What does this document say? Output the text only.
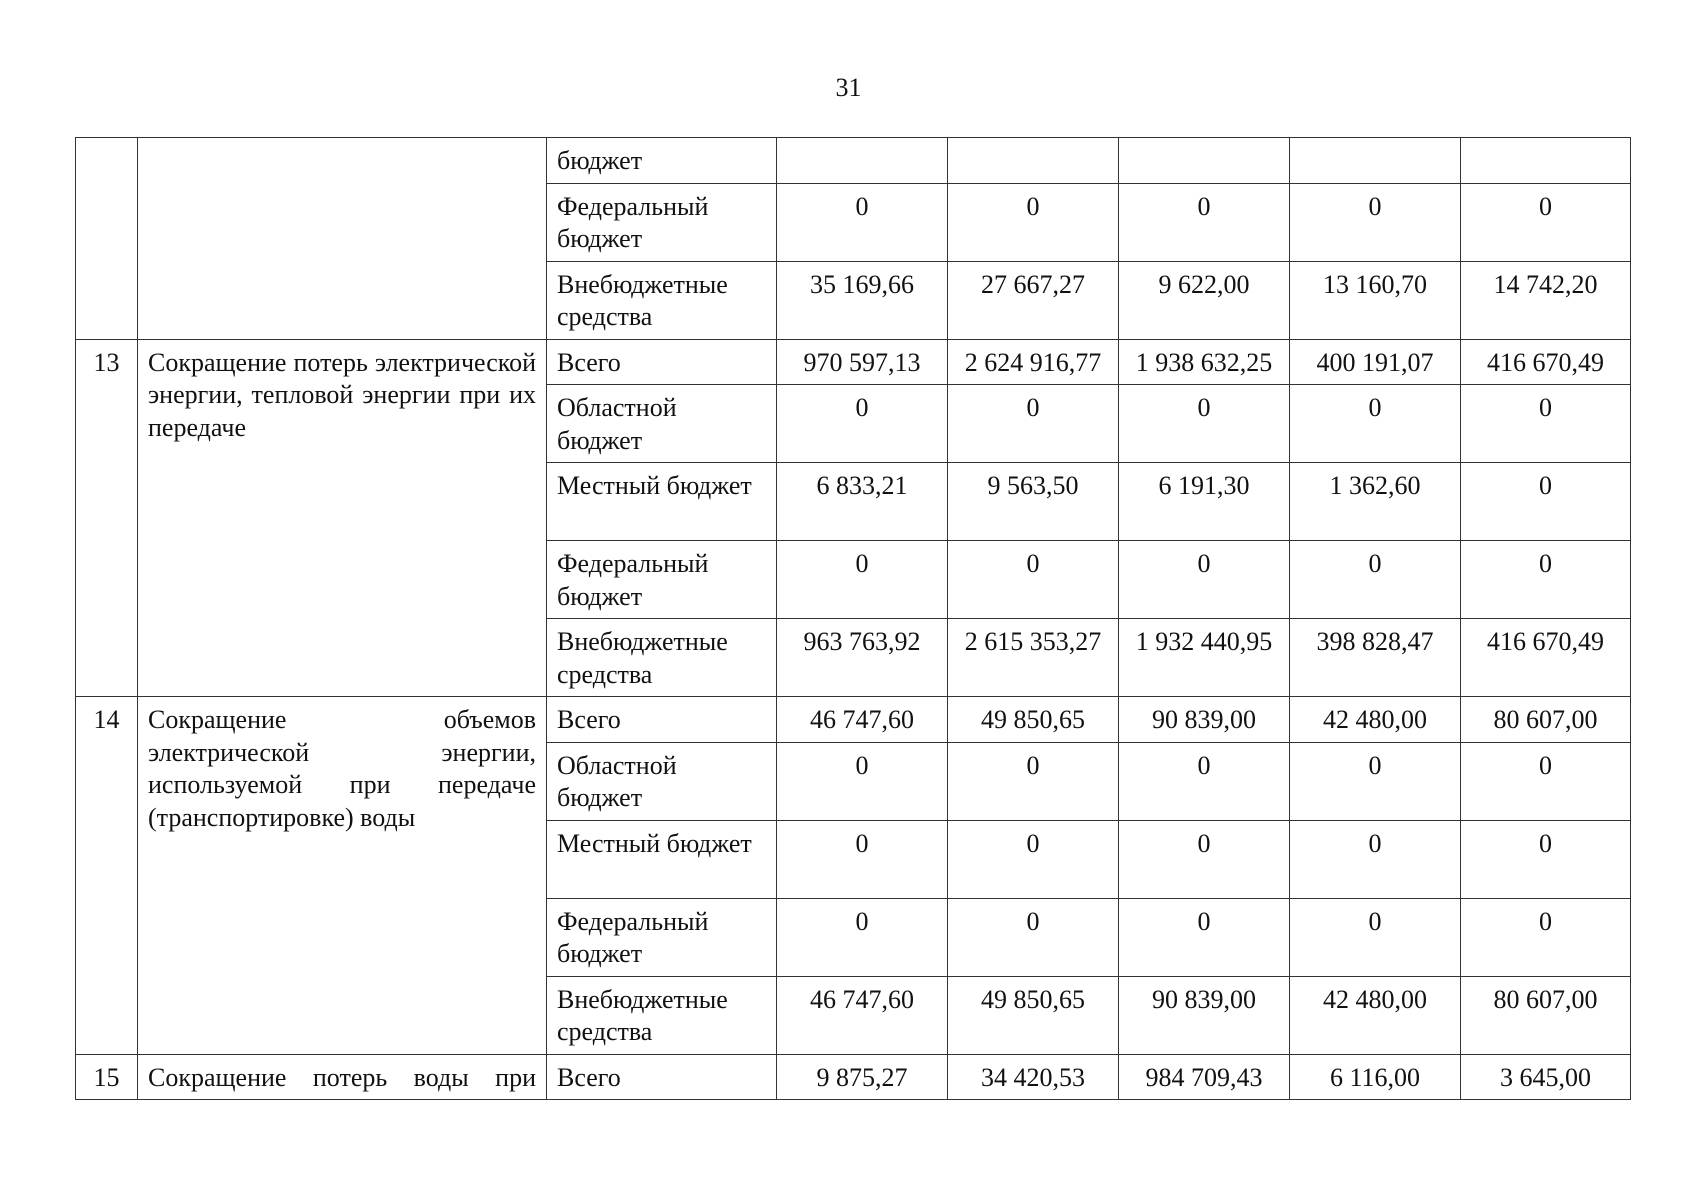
31
		бюджет					
		Федеральный бюджет	0	0	0	0	0
		Внебюджетные средства	35 169,66	27 667,27	9 622,00	13 160,70	14 742,20
13	Сокращение потерь электрической энергии, тепловой энергии при их передаче	Всего	970 597,13	2 624 916,77	1 938 632,25	400 191,07	416 670,49
		Областной бюджет	0	0	0	0	0
		Местный бюджет	6 833,21	9 563,50	6 191,30	1 362,60	0
		Федеральный бюджет	0	0	0	0	0
		Внебюджетные средства	963 763,92	2 615 353,27	1 932 440,95	398 828,47	416 670,49
14	Сокращение объемов электрической энергии, используемой при передаче (транспортировке) воды	Всего	46 747,60	49 850,65	90 839,00	42 480,00	80 607,00
		Областной бюджет	0	0	0	0	0
		Местный бюджет	0	0	0	0	0
		Федеральный бюджет	0	0	0	0	0
		Внебюджетные средства	46 747,60	49 850,65	90 839,00	42 480,00	80 607,00
15	Сокращение потерь воды при	Всего	9 875,27	34 420,53	984 709,43	6 116,00	3 645,00
